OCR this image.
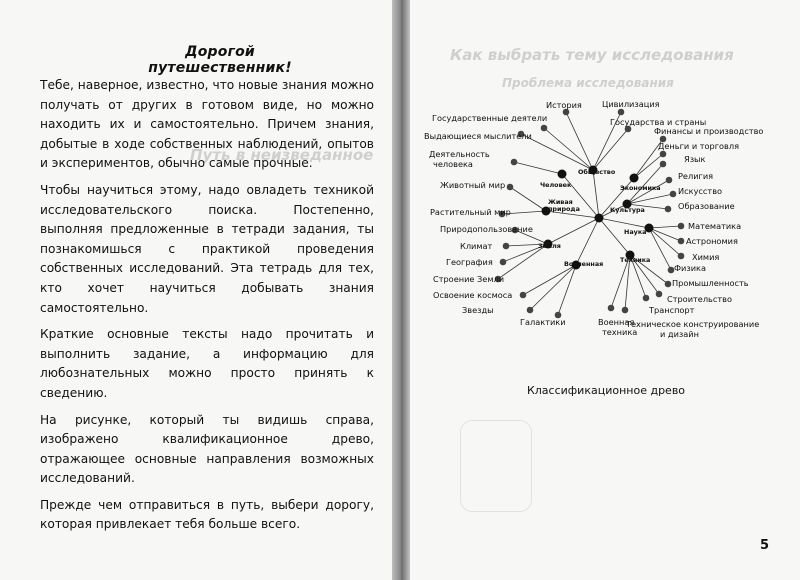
Путь в неизведанное
Дорогой путешественник!

Тебе, наверное, известно, что новые знания можно получать от других в готовом виде, но можно находить их и самостоятельно. Причем знания, добытые в ходе собственных наблюдений, опытов и экспериментов, обычно самые прочные.

Чтобы научиться этому, надо овладеть техникой исследовательского поиска. Постепенно, выполняя предложенные в тетради задания, ты познакомишься с практикой проведения собственных исследований. Эта тетрадь для тех, кто хочет научиться добывать знания самостоятельно.

Краткие основные тексты надо прочитать и выполнить задание, а информацию для любознательных можно просто принять к сведению.

На рисунке, который ты видишь справа, изображено квалификационное древо, отражающее основные направления возможных исследований.

Прежде чем отправиться в путь, выбери дорогу, которая привлекает тебя больше всего.

Как выбрать тему исследования
Проблема исследования
История Цивилизация
Государственные деятели	Государства и страны
Выдающиеся мыслители	Финансы и производство
Деньги и торговля
Деятельность человека	Язык
Религия
Искусство
Образование
Животный мир
Растительный мир
Математика
Астрономия
Химия
Физика
Природопользование
Климат
География
Строение Земли
Освоение космоса
Звезды
Галактики	Военная техника
Промышленность
Строительство
Транспорт
Техническое конструирование и дизайн
Общество
Человек	Экономика
Культура
Живая природа
Наука
Земля
Вселенная	Техника
Классификационное древо
5
